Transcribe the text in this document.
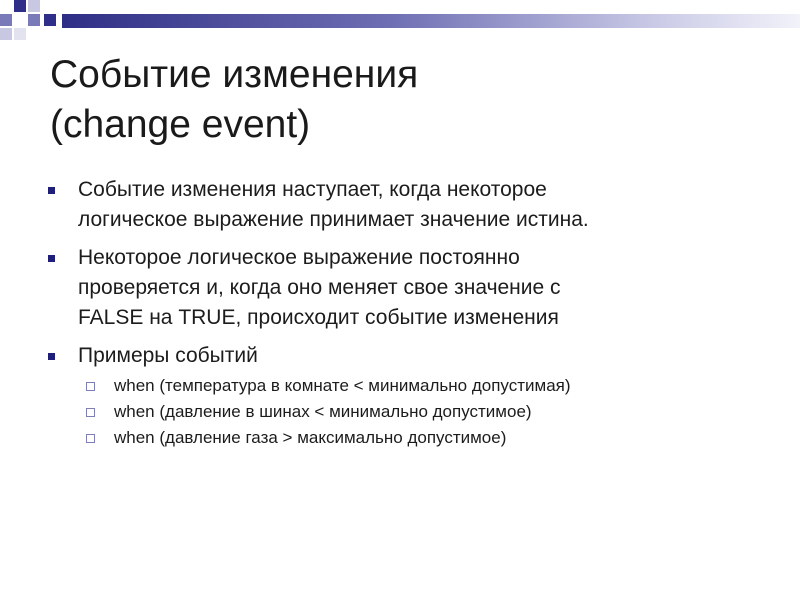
Событие изменения
(change event)
Событие изменения наступает, когда некоторое
логическое выражение принимает значение истина.
Некоторое логическое выражение постоянно
проверяется и, когда оно меняет свое значение с
FALSE на TRUE, происходит событие изменения
Примеры событий
when (температура в комнате < минимально допустимая)
when (давление в шинах < минимально допустимое)
when (давление газа > максимально допустимое)
